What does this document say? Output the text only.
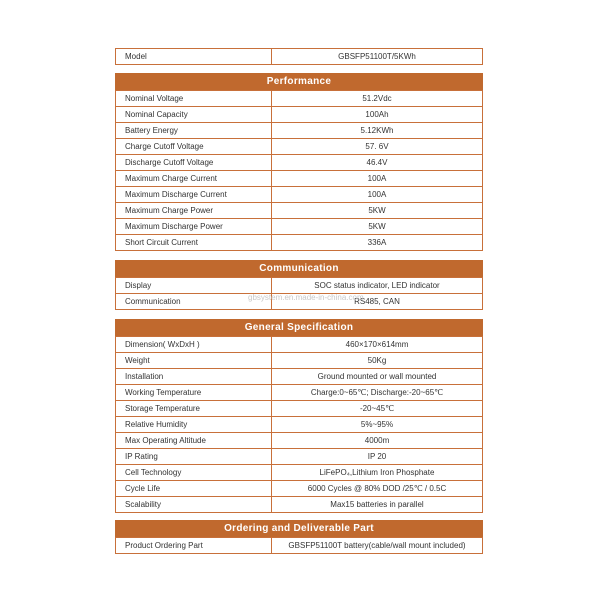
Model	GBSFP51100T/5KWh
Performance
Nominal Voltage	51.2Vdc
Nominal Capacity	100Ah
Battery Energy	5.12KWh
Charge Cutoff Voltage	57. 6V
Discharge Cutoff Voltage	46.4V
Maximum Charge Current	100A
Maximum Discharge Current	100A
Maximum Charge Power	5KW
Maximum Discharge Power	5KW
Short Circuit Current	336A
Communication
Display	SOC status indicator, LED indicator
Communication	RS485, CAN
gbsystem.en.made-in-china.com
General Specification
Dimension( WxDxH )	460×170×614mm
Weight	50Kg
Installation	Ground mounted or wall mounted
Working Temperature	Charge:0~65℃; Discharge:-20~65℃
Storage Temperature	-20~45℃
Relative Humidity	5%~95%
Max Operating Altitude	4000m
IP Rating	IP 20
Cell Technology	LiFePO₄,Lithium Iron Phosphate
Cycle Life	6000 Cycles @ 80% DOD /25℃ / 0.5C
Scalability	Max15 batteries in parallel
Ordering and Deliverable Part
Product Ordering Part	GBSFP51100T battery(cable/wall mount included)
